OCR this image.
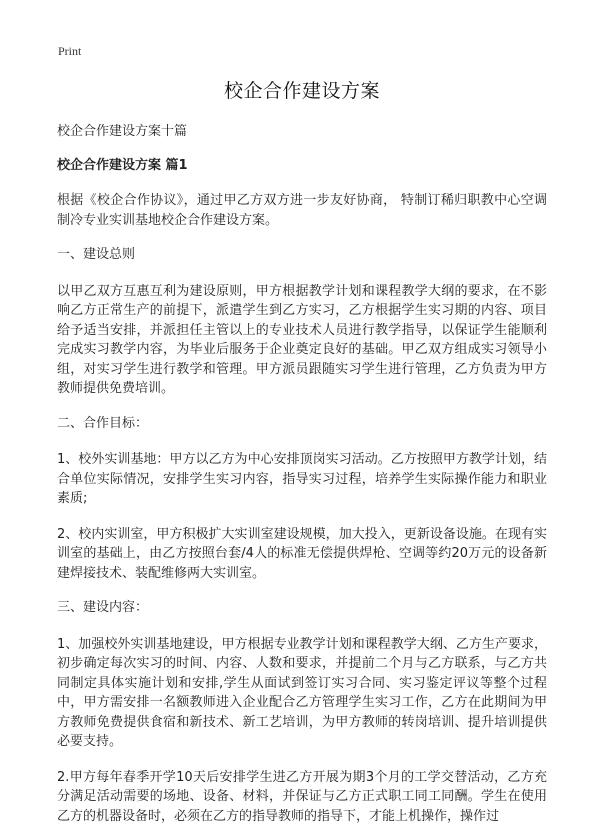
Print
校企合作建设方案
校企合作建设方案十篇
校企合作建设方案 篇1

根据《校企合作协议》，通过甲乙方双方进一步友好协商， 特制订稀归职教中心空调制冷专业实训基地校企合作建设方案。

一、建设总则

以甲乙双方互惠互利为建设原则，甲方根据教学计划和课程教学大纲的要求，在不影响乙方正常生产的前提下，派遣学生到乙方实习，乙方根据学生实习期的内容、项目给予适当安排，并派担任主管以上的专业技术人员进行教学指导，以保证学生能顺利完成实习教学内容，为毕业后服务于企业奠定良好的基础。甲乙双方组成实习领导小组，对实习学生进行教学和管理。甲方派员跟随实习学生进行管理，乙方负责为甲方教师提供免费培训。

二、合作目标：

1、校外实训基地：甲方以乙方为中心安排顶岗实习活动。乙方按照甲方教学计划，结合单位实际情况，安排学生实习内容，指导实习过程，培养学生实际操作能力和职业素质;

2、校内实训室，甲方积极扩大实训室建设规模，加大投入，更新设备设施。在现有实训室的基础上，由乙方按照台套/4人的标准无偿提供焊枪、空调等约20万元的设备新建焊接技术、装配维修两大实训室。

三、建设内容：

1、加强校外实训基地建设，甲方根据专业教学计划和课程教学大纲、乙方生产要求，初步确定每次实习的时间、内容、人数和要求，并提前二个月与乙方联系，与乙方共同制定具体实施计划和安排,学生从面试到签订实习合同、实习鉴定评议等整个过程中，甲方需安排一名额教师进入企业配合乙方管理学生实习工作，乙方在此期间为甲方教师免费提供食宿和新技术、新工艺培训，为甲方教师的转岗培训、提升培训提供必要支持。

2.甲方每年春季开学10天后安排学生进乙方开展为期3个月的工学交替活动，乙方充分满足活动需要的场地、设备、材料，并保证与乙方正式职工同工同酬。学生在使用乙方的机器设备时，必须在乙方的指导教师的指导下，才能上机操作，操作过
